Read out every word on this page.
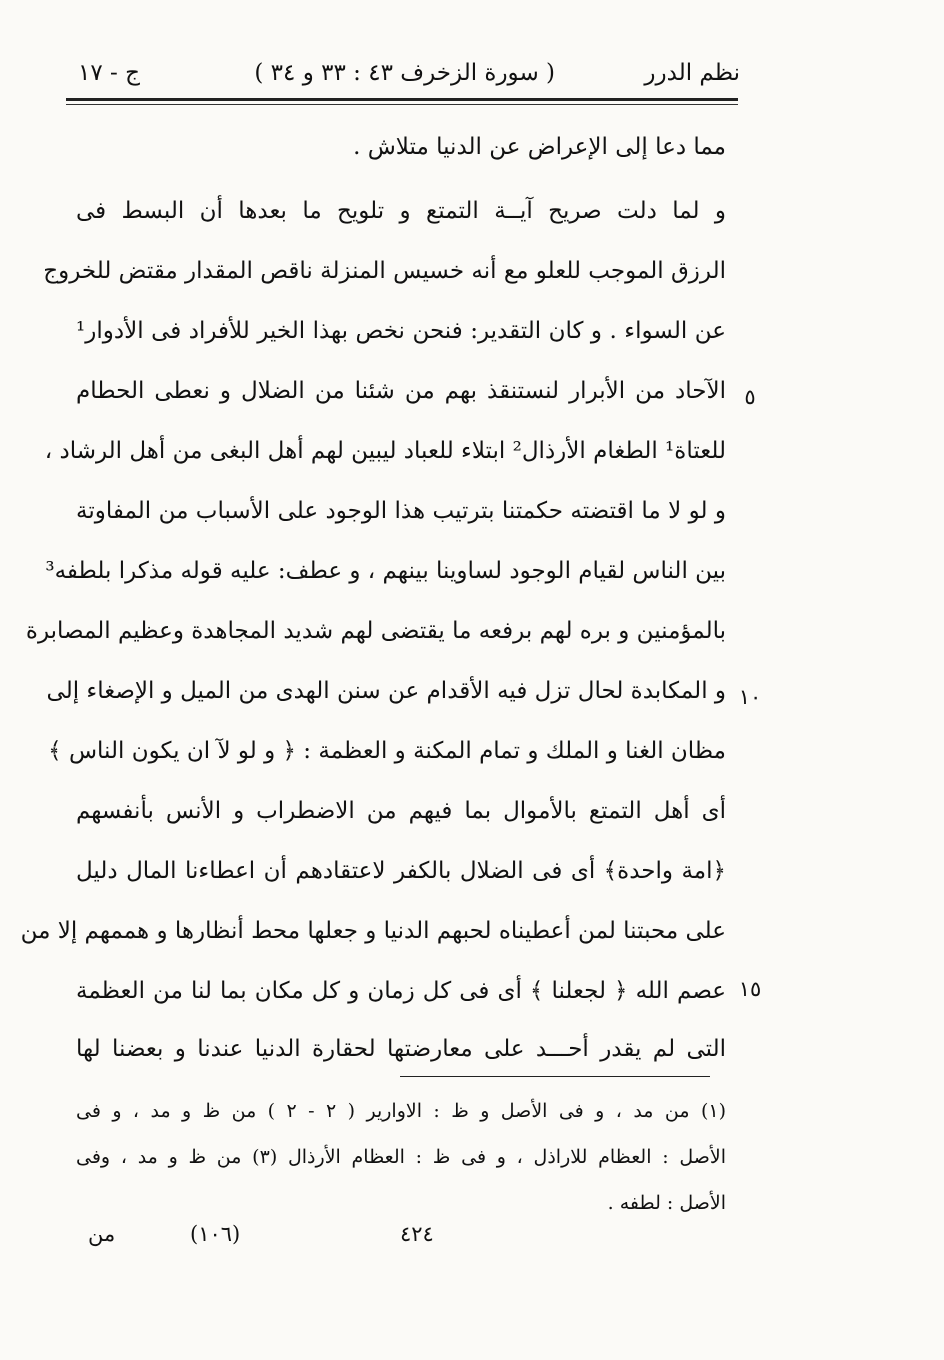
نظم الدرر
( سورة الزخرف ٤٣ : ٣٣ و ٣٤ )
ج - ١٧
مما دعا إلى الإعراض عن الدنيا متلاش .
و لما دلت صريح آيــة التمتع و تلويح ما بعدها أن البسط فى
الرزق الموجب للعلو مع أنه خسيس المنزلة ناقص المقدار مقتض للخروج
عن السواء . و كان التقدير: فنحن نخص بهذا الخير للأفراد فى الأدوار¹
الآحاد من الأبرار لنستنقذ بهم من شئنا من الضلال و نعطى الحطام
للعتاة¹ الطغام الأرذال² ابتلاء للعباد ليبين لهم أهل البغى من أهل الرشاد ،
و لو لا ما اقتضته حكمتنا بترتيب هذا الوجود على الأسباب من المفاوتة
بين الناس لقيام الوجود لساوينا بينهم ، و عطف: عليه قوله مذكرا بلطفه³
بالمؤمنين و بره لهم برفعه ما يقتضى لهم شديد المجاهدة وعظيم المصابرة
و المكابدة لحال تزل فيه الأقدام عن سنن الهدى من الميل و الإصغاء إلى
مظان الغنا و الملك و تمام المكنة و العظمة : ﴿ و لو لآ ان يكون الناس ﴾
أى أهل التمتع بالأموال بما فيهم من الاضطراب و الأنس بأنفسهم
﴿امة واحدة﴾ أى فى الضلال بالكفر لاعتقادهم أن اعطاءنا المال دليل
على محبتنا لمن أعطيناه لحبهم الدنيا و جعلها محط أنظارها و هممهم إلا من
عصم الله ﴿ لجعلنا ﴾ أى فى كل زمان و كل مكان بما لنا من العظمة
التى لم يقدر أحـــد على معارضتها لحقارة الدنيا عندنا و بعضنا لها
٥
١٠
١٥
(١) من مد ، و فى الأصل و ظ : الاوارير ( ٢ - ٢ ) من ظ و مد ، و فى
الأصل : العظام للاراذل ، و فى ظ : العظام الأرذال (٣) من ظ و مد ، وفى
الأصل : لطفه .
٤٢٤
(١٠٦)
من
